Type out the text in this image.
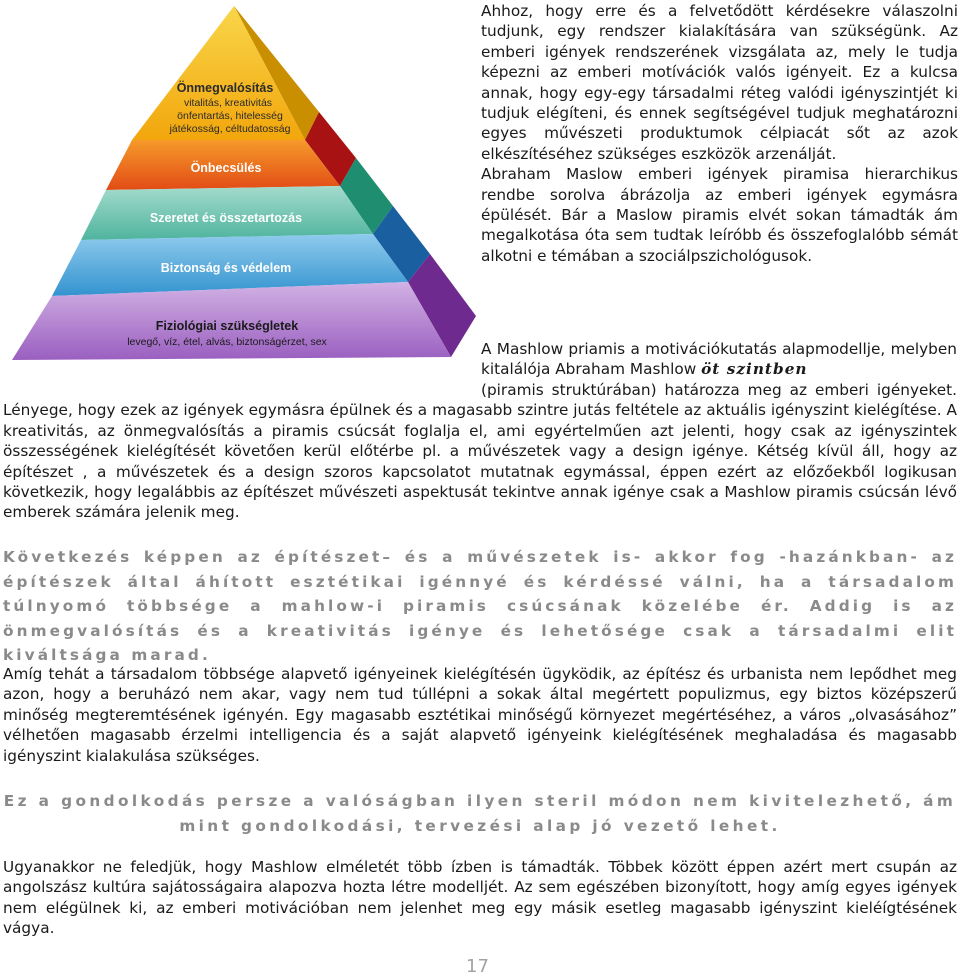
Önmegvalósítás
vitalitás, kreativitás
önfentartás, hitelesség
játékosság, céltudatosság
Önbecsülés
Szeretet és összetartozás
Biztonság és védelem
Fiziológiai szükségletek
levegő, víz, étel, alvás, biztonságérzet, sex

Ahhoz, hogy erre és a felvetődött kérdésekre válaszolni tudjunk, egy rendszer kialakítására van szükségünk. Az emberi igények rendszerének vizsgálata az, mely le tudja képezni az emberi motívációk valós igényeit. Ez a kulcsa annak, hogy egy-egy társadalmi réteg valódi igényszintjét ki tudjuk elégíteni, és ennek segítségével tudjuk meghatározni egyes művészeti produktumok célpiacát sőt az azok elkészítéséhez szükséges eszközök arzenálját.

Abraham Maslow emberi igények piramisa hierarchikus rendbe sorolva ábrázolja az emberi igények egymásra épülését. Bár a Maslow piramis elvét sokan támadták ám megalkotása óta sem tudtak leíróbb és összefoglalóbb sémát alkotni e témában a szociálpszichológusok.

A Mashlow priamis a motivációkutatás alapmodellje, melyben kitalálója Abraham Mashlow öt szintben

(piramis struktúrában) határozza meg az emberi igényeket. Lényege, hogy ezek az igények egymásra épülnek és a magasabb szintre jutás feltétele az aktuális igényszint kielégítése. A kreativitás, az önmegvalósítás a piramis csúcsát foglalja el, ami egyértelműen azt jelenti, hogy csak az igényszintek összességének kielégítését követően kerül előtérbe pl. a művészetek vagy a design igénye. Kétség kívül áll, hogy az építészet , a művészetek és a design szoros kapcsolatot mutatnak egymással, éppen ezért az előzőekből logikusan következik, hogy legalábbis az építészet művészeti aspektusát tekintve annak igénye csak a Mashlow piramis csúcsán lévő emberek számára jelenik meg.

Következés képpen az építészet– és a művészetek is- akkor fog -hazánkban- az építészek által áhított esztétikai igénnyé és kérdéssé válni, ha a társadalom túlnyomó többsége a mahlow-i piramis csúcsának közelébe ér. Addig is az önmegvalósítás és a kreativitás igénye és lehetősége csak a társadalmi elit kiváltsága marad.

Amíg tehát a társadalom többsége alapvető igényeinek kielégítésén ügyködik, az építész és urbanista nem lepődhet meg azon, hogy a beruházó nem akar, vagy nem tud túllépni a sokak által megértett populizmus, egy biztos középszerű minőség megteremtésének igényén. Egy magasabb esztétikai minőségű környezet megértéséhez, a város „olvasásához” vélhetően magasabb érzelmi intelligencia és a saját alapvető igényeink kielégítésének meghaladása és magasabb igényszint kialakulása szükséges.

Ez a gondolkodás persze a valóságban ilyen steril módon nem kivitelezhető, ám mint gondolkodási, tervezési alap jó vezető lehet.

Ugyanakkor ne feledjük, hogy Mashlow elméletét több ízben is támadták. Többek között éppen azért mert csupán az angolszász kultúra sajátosságaira alapozva hozta létre modelljét. Az sem egészében bizonyított, hogy amíg egyes igények nem elégülnek ki, az emberi motivációban nem jelenhet meg egy másik esetleg magasabb igényszint kieléígtésének vágya.

17
